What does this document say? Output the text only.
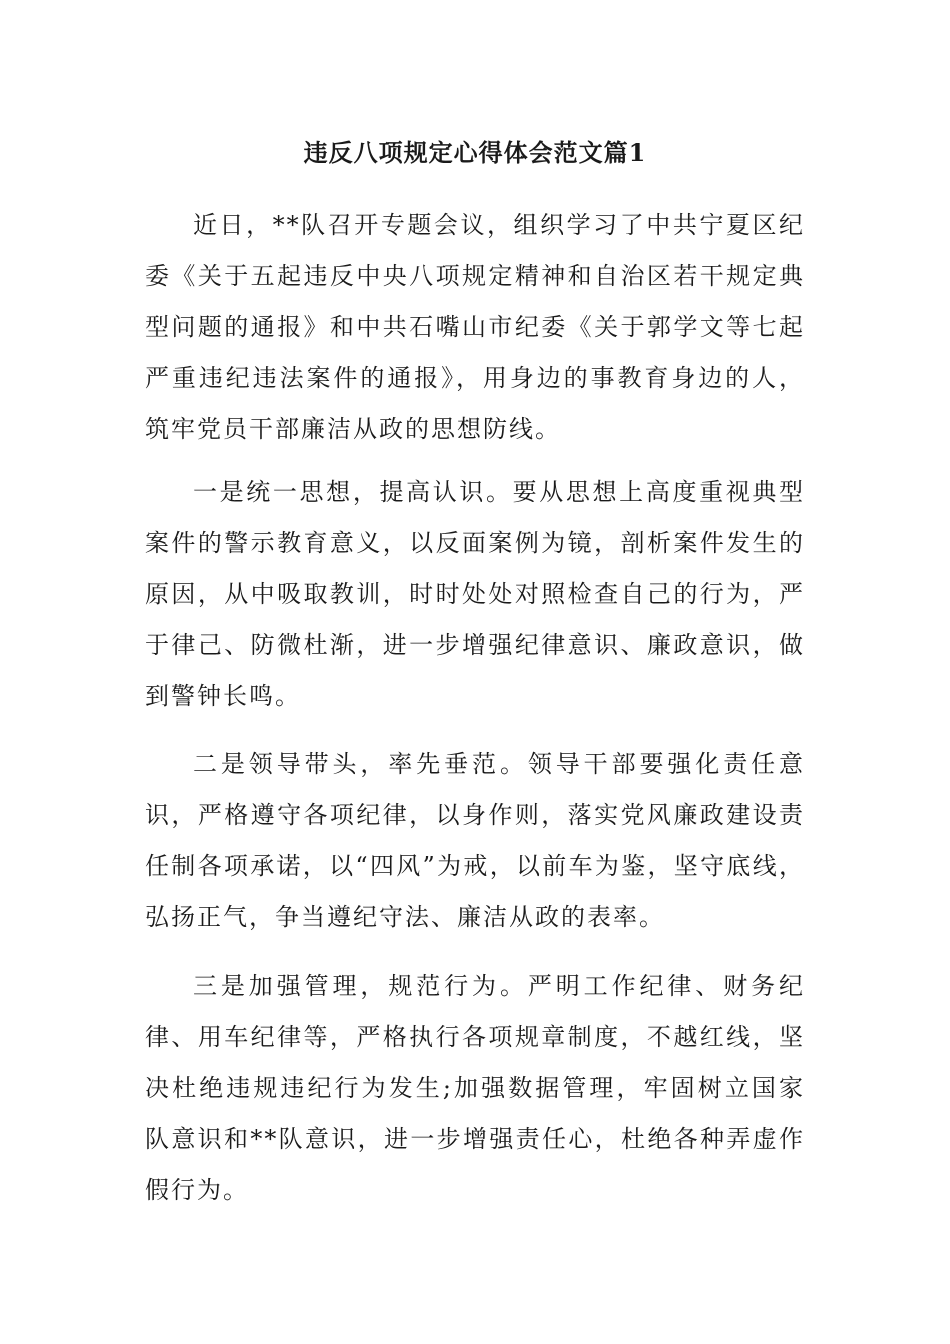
违反八项规定心得体会范文篇1

近日，**队召开专题会议，组织学习了中共宁夏区纪委《关于五起违反中央八项规定精神和自治区若干规定典型问题的通报》和中共石嘴山市纪委《关于郭学文等七起严重违纪违法案件的通报》，用身边的事教育身边的人，筑牢党员干部廉洁从政的思想防线。

一是统一思想，提高认识。要从思想上高度重视典型案件的警示教育意义，以反面案例为镜，剖析案件发生的原因，从中吸取教训，时时处处对照检查自己的行为，严于律己、防微杜渐，进一步增强纪律意识、廉政意识，做到警钟长鸣。

二是领导带头，率先垂范。领导干部要强化责任意识，严格遵守各项纪律，以身作则，落实党风廉政建设责任制各项承诺，以“四风”为戒，以前车为鉴，坚守底线，弘扬正气，争当遵纪守法、廉洁从政的表率。

三是加强管理，规范行为。严明工作纪律、财务纪律、用车纪律等，严格执行各项规章制度，不越红线，坚决杜绝违规违纪行为发生;加强数据管理，牢固树立国家队意识和**队意识，进一步增强责任心，杜绝各种弄虚作假行为。
